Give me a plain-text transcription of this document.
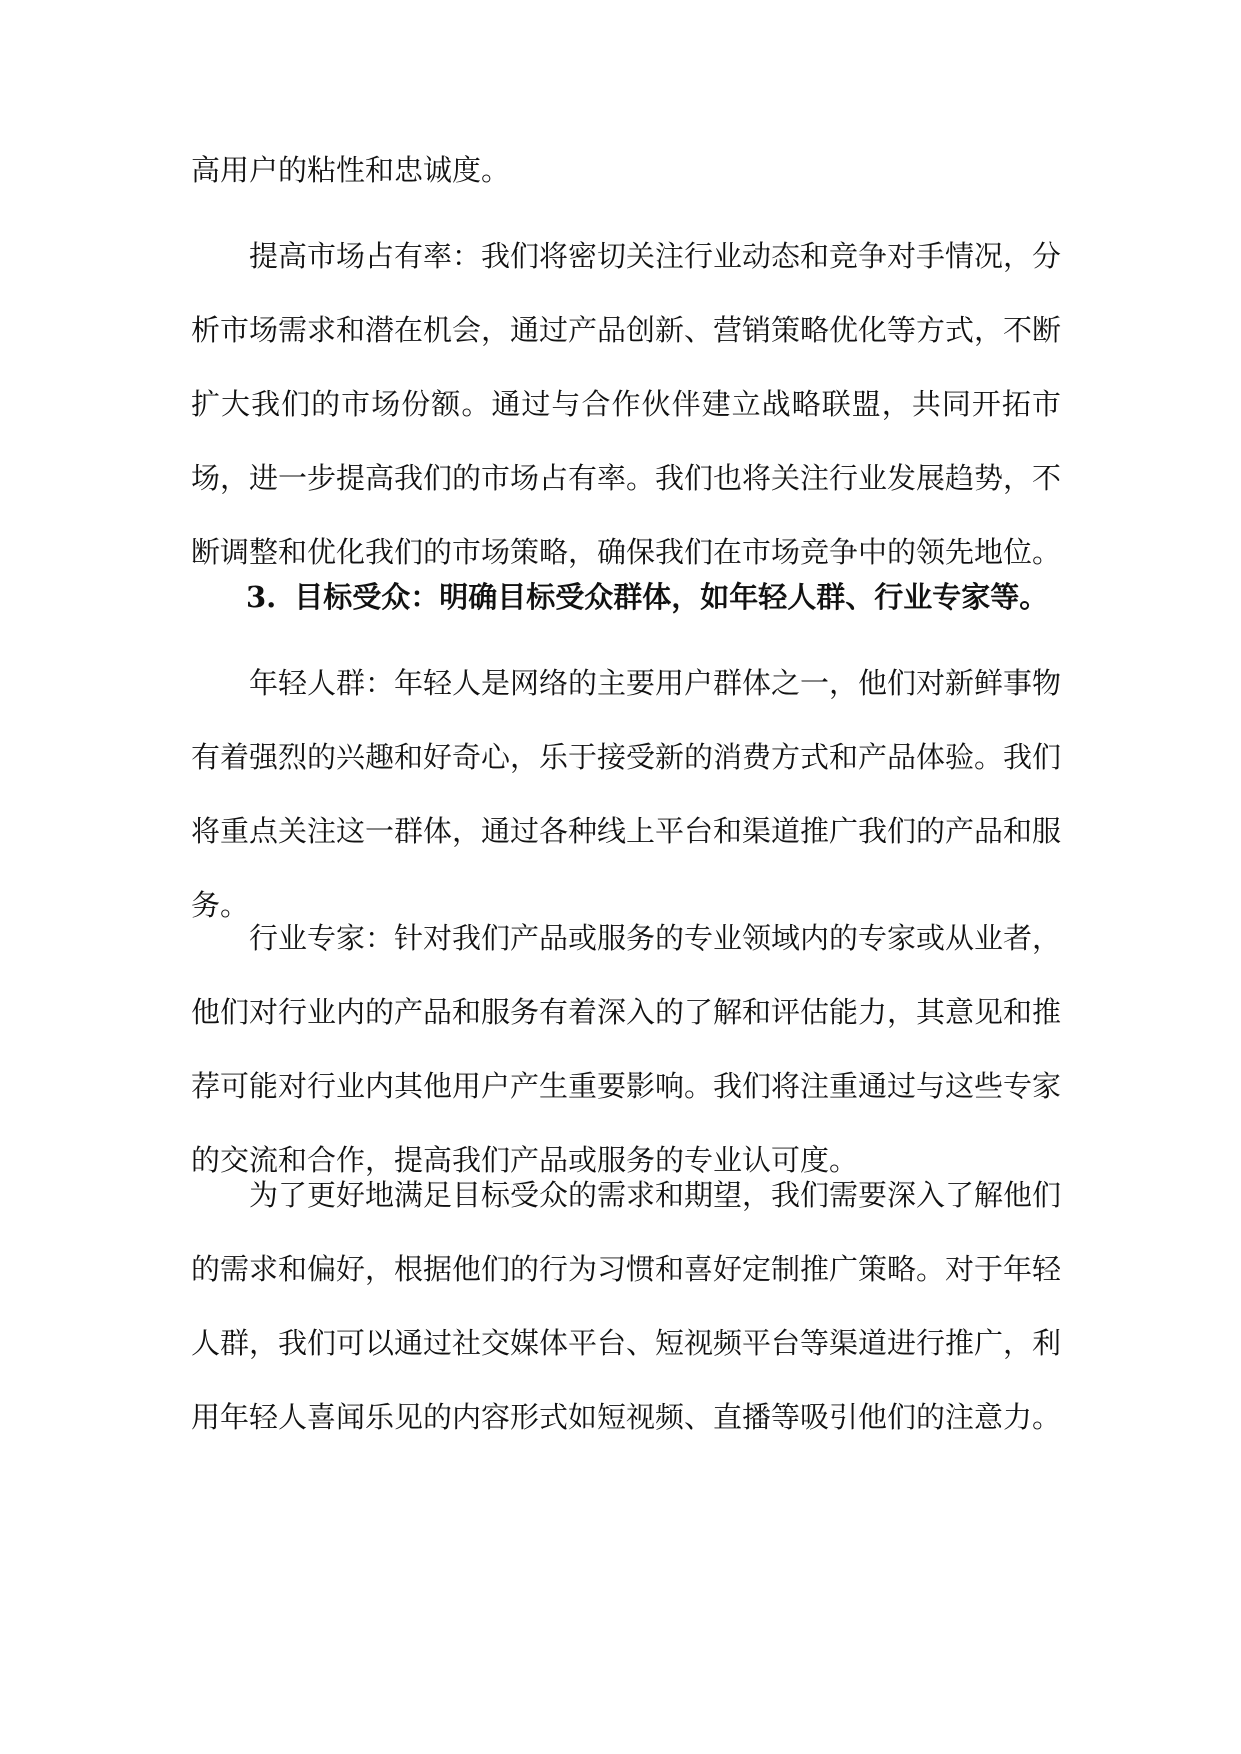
高用户的粘性和忠诚度。

提高市场占有率：我们将密切关注行业动态和竞争对手情况，分析市场需求和潜在机会，通过产品创新、营销策略优化等方式，不断扩大我们的市场份额。通过与合作伙伴建立战略联盟，共同开拓市场，进一步提高我们的市场占有率。我们也将关注行业发展趋势，不断调整和优化我们的市场策略，确保我们在市场竞争中的领先地位。

3. 目标受众：明确目标受众群体，如年轻人群、行业专家等。

年轻人群：年轻人是网络的主要用户群体之一，他们对新鲜事物有着强烈的兴趣和好奇心，乐于接受新的消费方式和产品体验。我们将重点关注这一群体，通过各种线上平台和渠道推广我们的产品和服务。

行业专家：针对我们产品或服务的专业领域内的专家或从业者，他们对行业内的产品和服务有着深入的了解和评估能力，其意见和推荐可能对行业内其他用户产生重要影响。我们将注重通过与这些专家的交流和合作，提高我们产品或服务的专业认可度。

为了更好地满足目标受众的需求和期望，我们需要深入了解他们的需求和偏好，根据他们的行为习惯和喜好定制推广策略。对于年轻人群，我们可以通过社交媒体平台、短视频平台等渠道进行推广，利用年轻人喜闻乐见的内容形式如短视频、直播等吸引他们的注意力。
